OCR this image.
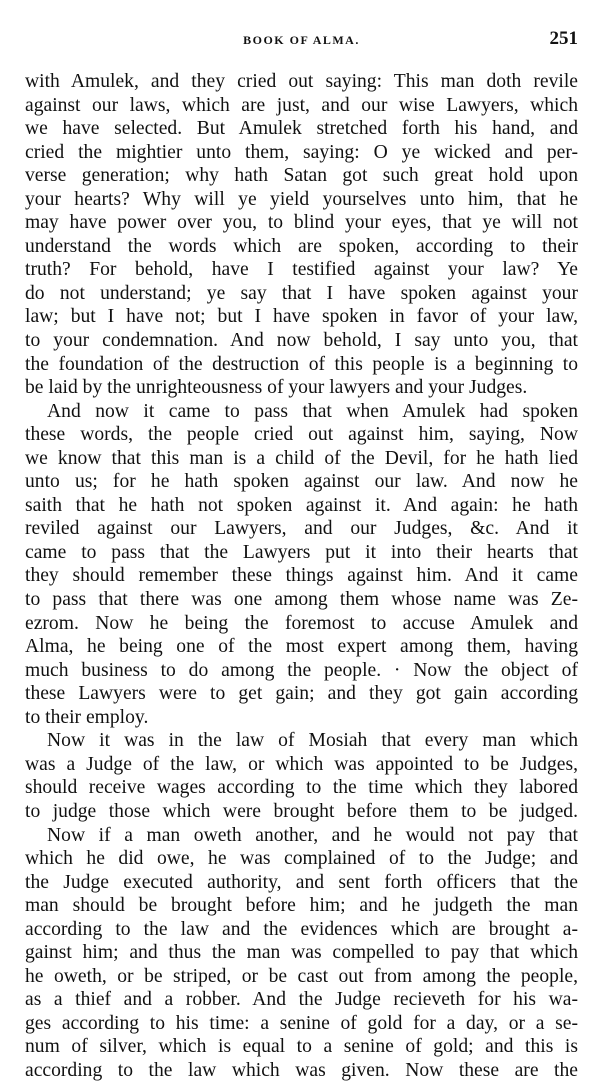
BOOK OF ALMA.	251
with Amulek, and they cried out saying: This man doth revile
against our laws, which are just, and our wise Lawyers, which
we have selected. But Amulek stretched forth his hand, and
cried the mightier unto them, saying: O ye wicked and per-
verse generation; why hath Satan got such great hold upon
your hearts? Why will ye yield yourselves unto him, that he
may have power over you, to blind your eyes, that ye will not
understand the words which are spoken, according to their
truth? For behold, have I testified against your law? Ye
do not understand; ye say that I have spoken against your
law; but I have not; but I have spoken in favor of your law,
to your condemnation. And now behold, I say unto you, that
the foundation of the destruction of this people is a beginning to
be laid by the unrighteousness of your lawyers and your Judges.
And now it came to pass that when Amulek had spoken
these words, the people cried out against him, saying, Now
we know that this man is a child of the Devil, for he hath lied
unto us; for he hath spoken against our law. And now he
saith that he hath not spoken against it. And again: he hath
reviled against our Lawyers, and our Judges, &c. And it
came to pass that the Lawyers put it into their hearts that
they should remember these things against him. And it came
to pass that there was one among them whose name was Ze-
ezrom. Now he being the foremost to accuse Amulek and
Alma, he being one of the most expert among them, having
much business to do among the people. · Now the object of
these Lawyers were to get gain; and they got gain according
to their employ.
Now it was in the law of Mosiah that every man which
was a Judge of the law, or which was appointed to be Judges,
should receive wages according to the time which they labored
to judge those which were brought before them to be judged.
Now if a man oweth another, and he would not pay that
which he did owe, he was complained of to the Judge; and
the Judge executed authority, and sent forth officers that the
man should be brought before him; and he judgeth the man
according to the law and the evidences which are brought a-
gainst him; and thus the man was compelled to pay that which
he oweth, or be striped, or be cast out from among the people,
as a thief and a robber. And the Judge recieveth for his wa-
ges according to his time: a senine of gold for a day, or a se-
num of silver, which is equal to a senine of gold; and this is
according to the law which was given. Now these are the
